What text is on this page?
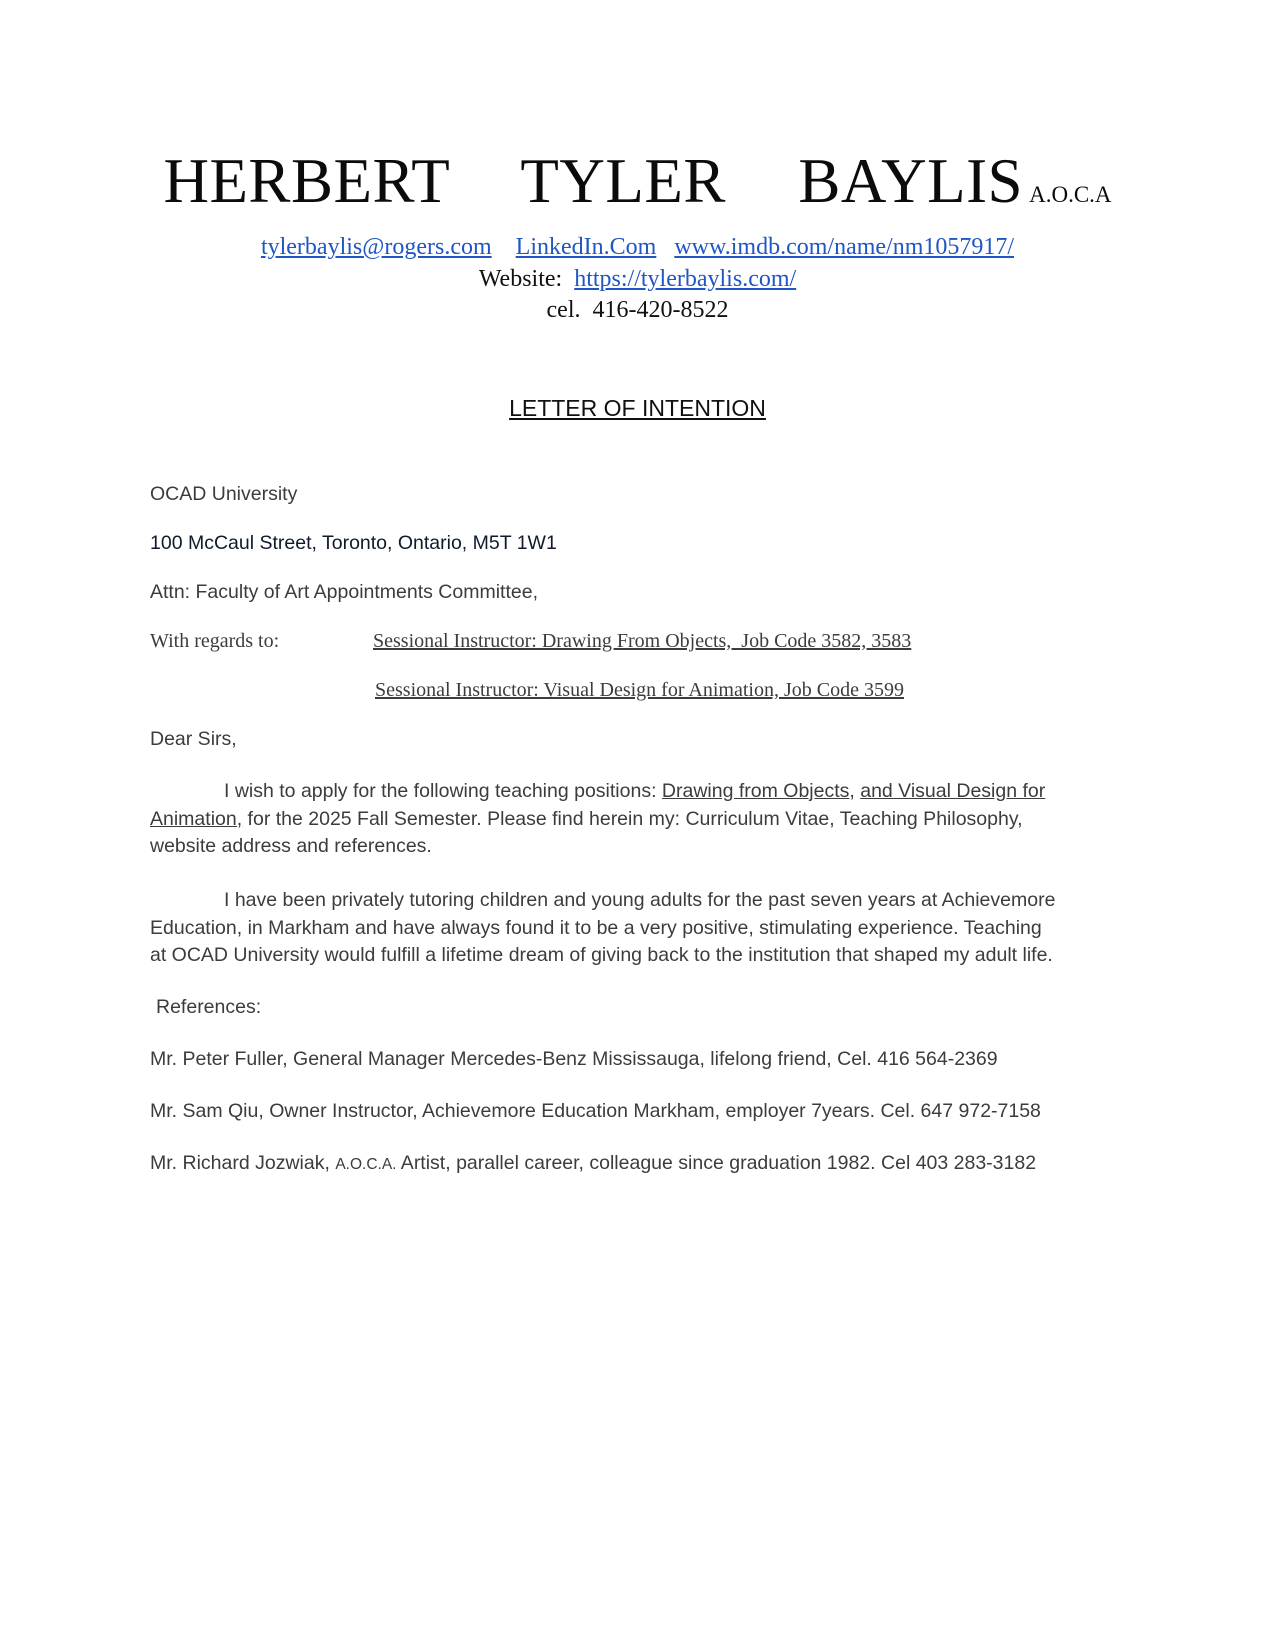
HERBERT  TYLER  BAYLIS A.O.C.A
tylerbaylis@rogers.com LinkedIn.Com www.imdb.com/name/nm1057917/
Website: https://tylerbaylis.com/
cel.  416-420-8522
LETTER OF INTENTION
OCAD University
100 McCaul Street, Toronto, Ontario, M5T 1W1
Attn: Faculty of Art Appointments Committee,
With regards to:	Sessional Instructor: Drawing From Objects,  Job Code 3582, 3583
Sessional Instructor: Visual Design for Animation, Job Code 3599
Dear Sirs,
I wish to apply for the following teaching positions: Drawing from Objects, and Visual Design for
Animation, for the 2025 Fall Semester. Please find herein my: Curriculum Vitae, Teaching Philosophy,
website address and references.
I have been privately tutoring children and young adults for the past seven years at Achievemore
Education, in Markham and have always found it to be a very positive, stimulating experience. Teaching
at OCAD University would fulfill a lifetime dream of giving back to the institution that shaped my adult life.
References:
Mr. Peter Fuller, General Manager Mercedes-Benz Mississauga, lifelong friend, Cel. 416 564-2369
Mr. Sam Qiu, Owner Instructor, Achievemore Education Markham, employer 7years. Cel. 647 972-7158
Mr. Richard Jozwiak, A.O.C.A. Artist, parallel career, colleague since graduation 1982. Cel 403 283-3182
